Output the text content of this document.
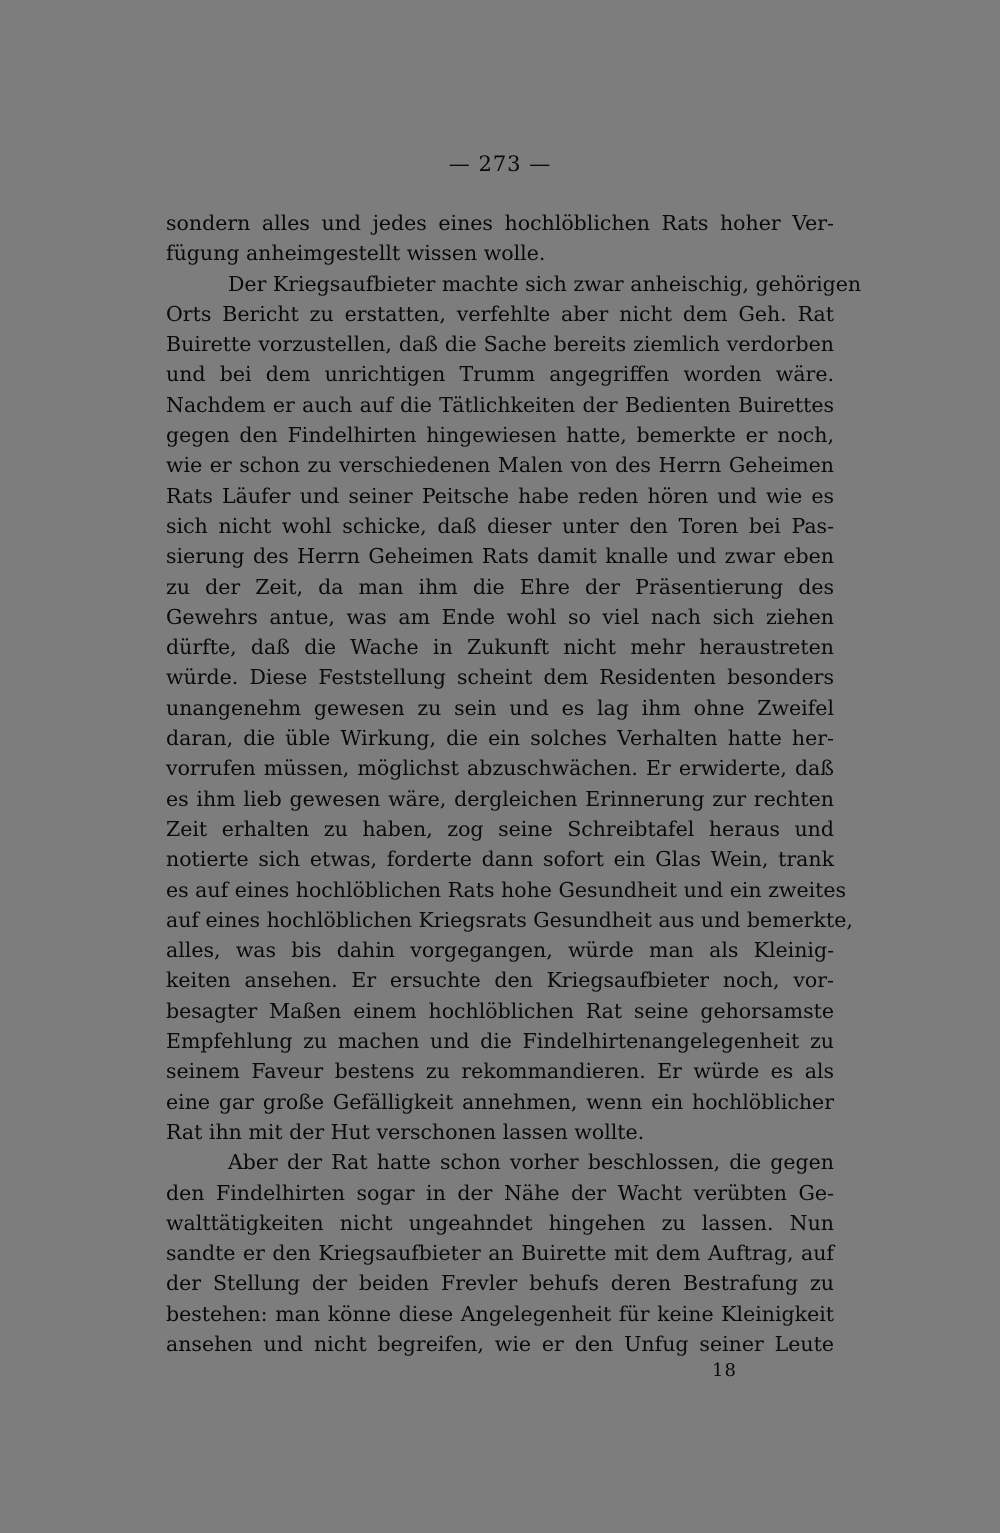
— 273 —

sondern alles und jedes eines hochlöblichen Rats hoher Ver-
fügung anheimgestellt wissen wolle.

Der Kriegsaufbieter machte sich zwar anheischig, gehörigen
Orts Bericht zu erstatten, verfehlte aber nicht dem Geh. Rat
Buirette vorzustellen, daß die Sache bereits ziemlich verdorben
und bei dem unrichtigen Trumm angegriffen worden wäre.
Nachdem er auch auf die Tätlichkeiten der Bedienten Buirettes
gegen den Findelhirten hingewiesen hatte, bemerkte er noch,
wie er schon zu verschiedenen Malen von des Herrn Geheimen
Rats Läufer und seiner Peitsche habe reden hören und wie es
sich nicht wohl schicke, daß dieser unter den Toren bei Pas-
sierung des Herrn Geheimen Rats damit knalle und zwar eben
zu der Zeit, da man ihm die Ehre der Präsentierung des
Gewehrs antue, was am Ende wohl so viel nach sich ziehen
dürfte, daß die Wache in Zukunft nicht mehr heraustreten
würde. Diese Feststellung scheint dem Residenten besonders
unangenehm gewesen zu sein und es lag ihm ohne Zweifel
daran, die üble Wirkung, die ein solches Verhalten hatte her-
vorrufen müssen, möglichst abzuschwächen. Er erwiderte, daß
es ihm lieb gewesen wäre, dergleichen Erinnerung zur rechten
Zeit erhalten zu haben, zog seine Schreibtafel heraus und
notierte sich etwas, forderte dann sofort ein Glas Wein, trank
es auf eines hochlöblichen Rats hohe Gesundheit und ein zweites
auf eines hochlöblichen Kriegsrats Gesundheit aus und bemerkte,
alles, was bis dahin vorgegangen, würde man als Kleinig-
keiten ansehen. Er ersuchte den Kriegsaufbieter noch, vor-
besagter Maßen einem hochlöblichen Rat seine gehorsamste
Empfehlung zu machen und die Findelhirtenangelegenheit zu
seinem Faveur bestens zu rekommandieren. Er würde es als
eine gar große Gefälligkeit annehmen, wenn ein hochlöblicher
Rat ihn mit der Hut verschonen lassen wollte.

Aber der Rat hatte schon vorher beschlossen, die gegen
den Findelhirten sogar in der Nähe der Wacht verübten Ge-
walttätigkeiten nicht ungeahndet hingehen zu lassen. Nun
sandte er den Kriegsaufbieter an Buirette mit dem Auftrag, auf
der Stellung der beiden Frevler behufs deren Bestrafung zu
bestehen: man könne diese Angelegenheit für keine Kleinigkeit
ansehen und nicht begreifen, wie er den Unfug seiner Leute

18
